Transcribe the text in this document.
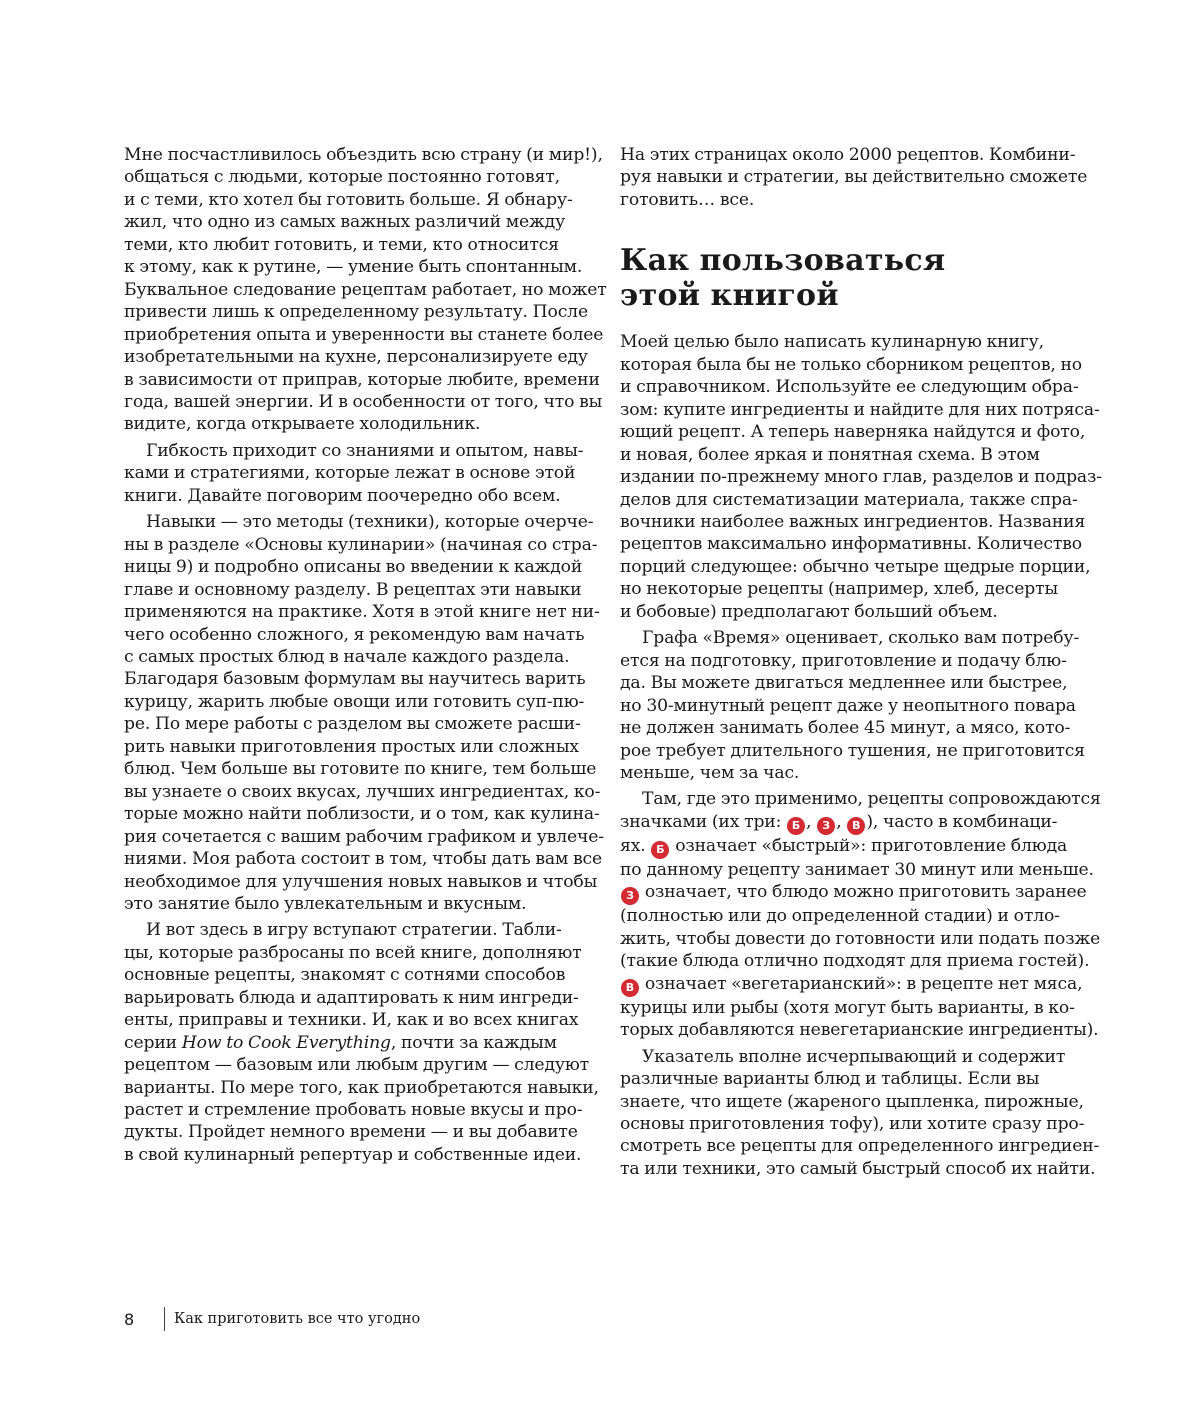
Мне посчастливилось объездить всю страну (и мир!),
общаться с людьми, которые постоянно готовят,
и с теми, кто хотел бы готовить больше. Я обнару-
жил, что одно из самых важных различий между
теми, кто любит готовить, и теми, кто относится
к этому, как к рутине, — умение быть спонтанным.
Буквальное следование рецептам работает, но может
привести лишь к определенному результату. После
приобретения опыта и уверенности вы станете более
изобретательными на кухне, персонализируете еду
в зависимости от приправ, которые любите, времени
года, вашей энергии. И в особенности от того, что вы
видите, когда открываете холодильник.
Гибкость приходит со знаниями и опытом, навы-
ками и стратегиями, которые лежат в основе этой
книги. Давайте поговорим поочередно обо всем.
Навыки — это методы (техники), которые очерче-
ны в разделе «Основы кулинарии» (начиная со стра-
ницы 9) и подробно описаны во введении к каждой
главе и основному разделу. В рецептах эти навыки
применяются на практике. Хотя в этой книге нет ни-
чего особенно сложного, я рекомендую вам начать
с самых простых блюд в начале каждого раздела.
Благодаря базовым формулам вы научитесь варить
курицу, жарить любые овощи или готовить суп-пю-
ре. По мере работы с разделом вы сможете расши-
рить навыки приготовления простых или сложных
блюд. Чем больше вы готовите по книге, тем больше
вы узнаете о своих вкусах, лучших ингредиентах, ко-
торые можно найти поблизости, и о том, как кулина-
рия сочетается с вашим рабочим графиком и увлече-
ниями. Моя работа состоит в том, чтобы дать вам все
необходимое для улучшения новых навыков и чтобы
это занятие было увлекательным и вкусным.
И вот здесь в игру вступают стратегии. Табли-
цы, которые разбросаны по всей книге, дополняют
основные рецепты, знакомят с сотнями способов
варьировать блюда и адаптировать к ним ингреди-
енты, приправы и техники. И, как и во всех книгах
серии How to Cook Everything, почти за каждым
рецептом — базовым или любым другим — следуют
варианты. По мере того, как приобретаются навыки,
растет и стремление пробовать новые вкусы и про-
дукты. Пройдет немного времени — и вы добавите
в свой кулинарный репертуар и собственные идеи.
На этих страницах около 2000 рецептов. Комбини-
руя навыки и стратегии, вы действительно сможете
готовить… все.
Как пользоваться
этой книгой
Моей целью было написать кулинарную книгу,
которая была бы не только сборником рецептов, но
и справочником. Используйте ее следующим обра-
зом: купите ингредиенты и найдите для них потряса-
ющий рецепт. А теперь наверняка найдутся и фото,
и новая, более яркая и понятная схема. В этом
издании по-прежнему много глав, разделов и подраз-
делов для систематизации материала, также спра-
вочники наиболее важных ингредиентов. Названия
рецептов максимально информативны. Количество
порций следующее: обычно четыре щедрые порции,
но некоторые рецепты (например, хлеб, десерты
и бобовые) предполагают больший объем.
Графа «Время» оценивает, сколько вам потребу-
ется на подготовку, приготовление и подачу блю-
да. Вы можете двигаться медленнее или быстрее,
но 30-минутный рецепт даже у неопытного повара
не должен занимать более 45 минут, а мясо, кото-
рое требует длительного тушения, не приготовится
меньше, чем за час.
Там, где это применимо, рецепты сопровождаются
значками (их три: Б , З , В ), часто в комбинаци-
ях. Б означает «быстрый»: приготовление блюда
по данному рецепту занимает 30 минут или меньше.
З означает, что блюдо можно приготовить заранее
(полностью или до определенной стадии) и отло-
жить, чтобы довести до готовности или подать позже
(такие блюда отлично подходят для приема гостей).
В означает «вегетарианский»: в рецепте нет мяса,
курицы или рыбы (хотя могут быть варианты, в ко-
торых добавляются невегетарианские ингредиенты).
Указатель вполне исчерпывающий и содержит
различные варианты блюд и таблицы. Если вы
знаете, что ищете (жареного цыпленка, пирожные,
основы приготовления тофу), или хотите сразу про-
смотреть все рецепты для определенного ингредиен-
та или техники, это самый быстрый способ их найти.
8	Как приготовить все что угодно
